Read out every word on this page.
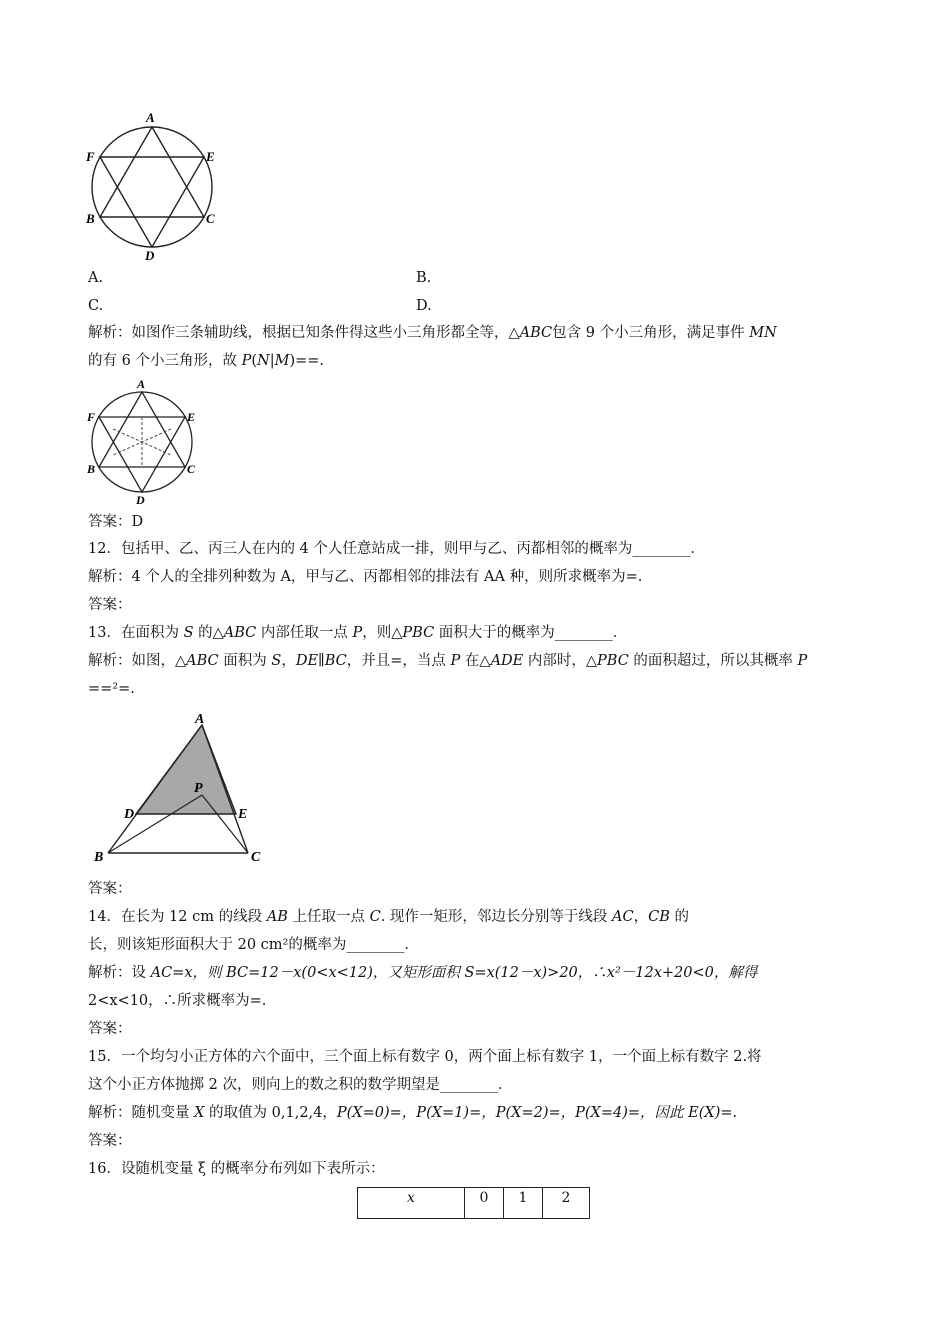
A
F	E
B	C
D
A.	B.
C.	D.
解析：如图作三条辅助线，根据已知条件得这些小三角形都全等，△ABC包含 9 个小三角形，满足事件 MN
的有 6 个小三角形，故 P(N|M)==.
A
F	E
B	C
D
答案：D
12．包括甲、乙、丙三人在内的 4 个人任意站成一排，则甲与乙、丙都相邻的概率为________．
解析：4 个人的全排列种数为 A，甲与乙、丙都相邻的排法有 AA 种，则所求概率为=.
答案：
13．在面积为 S 的△ABC 内部任取一点 P，则△PBC 面积大于的概率为________．
解析：如图，△ABC 面积为 S，DE∥BC，并且=，当点 P 在△ADE 内部时，△PBC 的面积超过，所以其概率 P
==²=.
A
P
D	E
B	C
答案：
14．在长为 12 cm 的线段 AB 上任取一点 C. 现作一矩形，邻边长分别等于线段 AC，CB 的
长，则该矩形面积大于 20 cm²的概率为________．
解析：设 AC=x，则 BC=12－x(0<x<12)，又矩形面积 S=x(12－x)>20，∴x²－12x+20<0，解得
2<x<10，∴所求概率为=.
答案：
15．一个均匀小正方体的六个面中，三个面上标有数字 0，两个面上标有数字 1，一个面上标有数字 2.将
这个小正方体抛掷 2 次，则向上的数之积的数学期望是________．
解析：随机变量 X 的取值为 0,1,2,4，P(X=0)=，P(X=1)=，P(X=2)=，P(X=4)=，因此 E(X)=.
答案：
16．设随机变量 ξ 的概率分布列如下表所示：
x	0	1	2
